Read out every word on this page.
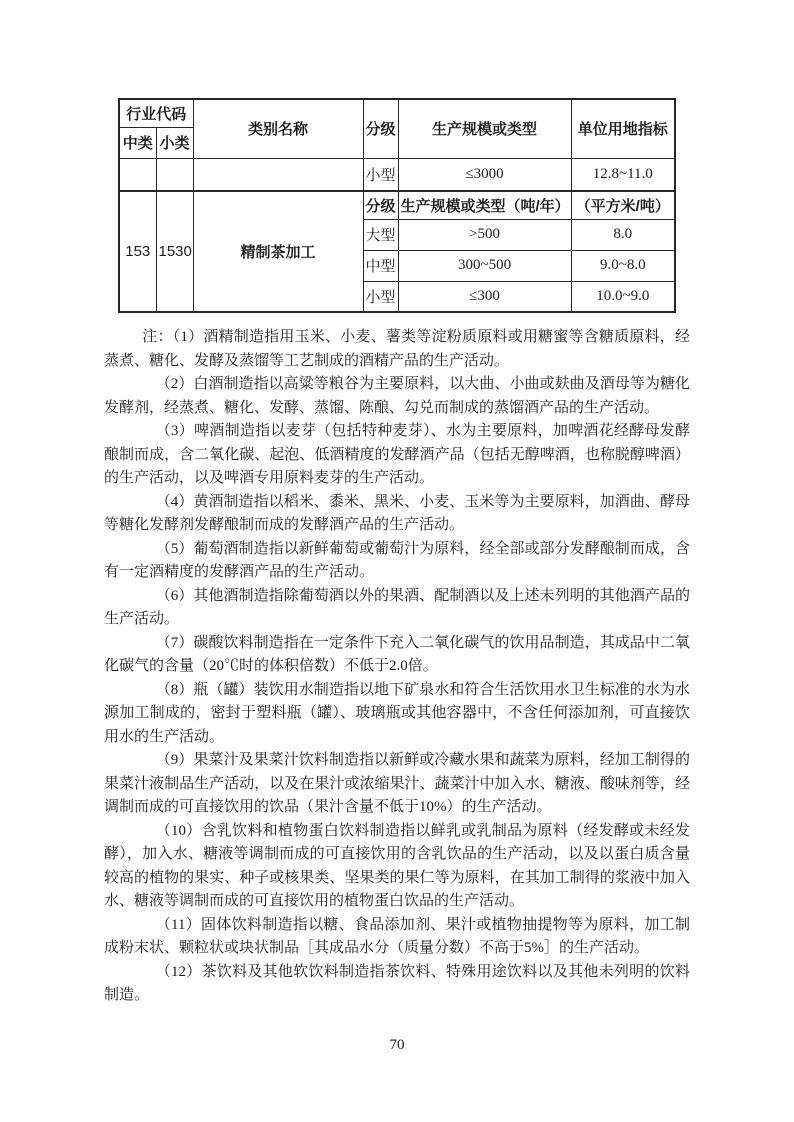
行业代码		类别名称	分级	生产规模或类型	单位用地指标
中类	小类				
			小型	≤3000	12.8~11.0
153	1530	精制茶加工	分级	生产规模或类型（吨/年）	（平方米/吨）
			大型	>500	8.0
			中型	300~500	9.0~8.0
			小型	≤300	10.0~9.0

注：（1）酒精制造指用玉米、小麦、薯类等淀粉质原料或用糖蜜等含糖质原料，经蒸煮、糖化、发酵及蒸馏等工艺制成的酒精产品的生产活动。

（2）白酒制造指以高粱等粮谷为主要原料，以大曲、小曲或麸曲及酒母等为糖化发酵剂，经蒸煮、糖化、发酵、蒸馏、陈酿、勾兑而制成的蒸馏酒产品的生产活动。

（3）啤酒制造指以麦芽（包括特种麦芽）、水为主要原料，加啤酒花经酵母发酵酿制而成，含二氧化碳、起泡、低酒精度的发酵酒产品（包括无醇啤酒，也称脱醇啤酒）的生产活动，以及啤酒专用原料麦芽的生产活动。

（4）黄酒制造指以稻米、黍米、黑米、小麦、玉米等为主要原料，加酒曲、酵母等糖化发酵剂发酵酿制而成的发酵酒产品的生产活动。

（5）葡萄酒制造指以新鲜葡萄或葡萄汁为原料，经全部或部分发酵酿制而成，含有一定酒精度的发酵酒产品的生产活动。

（6）其他酒制造指除葡萄酒以外的果酒、配制酒以及上述未列明的其他酒产品的生产活动。

（7）碳酸饮料制造指在一定条件下充入二氧化碳气的饮用品制造，其成品中二氧化碳气的含量（20℃时的体积倍数）不低于2.0倍。

（8）瓶（罐）装饮用水制造指以地下矿泉水和符合生活饮用水卫生标准的水为水源加工制成的，密封于塑料瓶（罐）、玻璃瓶或其他容器中，不含任何添加剂，可直接饮用水的生产活动。

（9）果菜汁及果菜汁饮料制造指以新鲜或冷藏水果和蔬菜为原料，经加工制得的果菜汁液制品生产活动，以及在果汁或浓缩果汁、蔬菜汁中加入水、糖液、酸味剂等，经调制而成的可直接饮用的饮品（果汁含量不低于10%）的生产活动。

（10）含乳饮料和植物蛋白饮料制造指以鲜乳或乳制品为原料（经发酵或未经发酵），加入水、糖液等调制而成的可直接饮用的含乳饮品的生产活动，以及以蛋白质含量较高的植物的果实、种子或核果类、坚果类的果仁等为原料，在其加工制得的浆液中加入水、糖液等调制而成的可直接饮用的植物蛋白饮品的生产活动。

（11）固体饮料制造指以糖、食品添加剂、果汁或植物抽提物等为原料，加工制成粉末状、颗粒状或块状制品［其成品水分（质量分数）不高于5%］的生产活动。

（12）茶饮料及其他软饮料制造指茶饮料、特殊用途饮料以及其他未列明的饮料制造。

70
